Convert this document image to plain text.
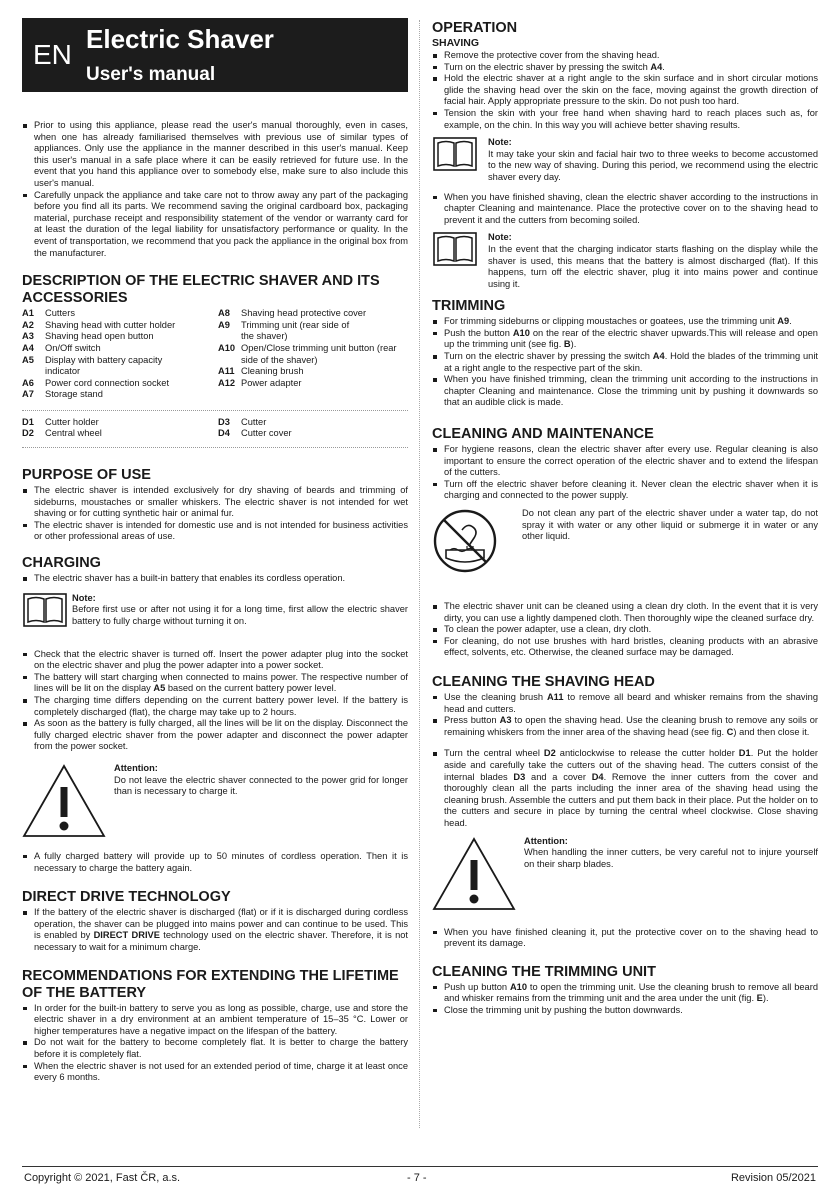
EN Electric Shaver
User's manual
Prior to using this appliance, please read the user's manual thoroughly, even in cases, when one has already familiarised themselves with previous use of similar types of appliances. Only use the appliance in the manner described in this user's manual. Keep this user's manual in a safe place where it can be easily retrieved for future use. In the event that you hand this appliance over to somebody else, make sure to also include this user's manual.
Carefully unpack the appliance and take care not to throw away any part of the packaging before you find all its parts. We recommend saving the original cardboard box, packaging material, purchase receipt and responsibility statement of the vendor or warranty card for at least the duration of the legal liability for unsatisfactory performance or quality. In the event of transportation, we recommend that you pack the appliance in the original box from the manufacturer.
DESCRIPTION OF THE ELECTRIC SHAVER AND ITS ACCESSORIES
A1	Cutters
A2	Shaving head with cutter holder
A3	Shaving head open button
A4	On/Off switch
A5	Display with battery capacity indicator
A6	Power cord connection socket
A7	Storage stand
A8	Shaving head protective cover
A9	Trimming unit (rear side of the shaver)
A10 Open/Close trimming unit button (rear side of the shaver)
A11 Cleaning brush
A12 Power adapter
D1	Cutter holder
D2	Central wheel
D3	Cutter
D4	Cutter cover
PURPOSE OF USE
The electric shaver is intended exclusively for dry shaving of beards and trimming of sideburns, moustaches or smaller whiskers. The electric shaver is not intended for wet shaving or for cutting synthetic hair or animal fur.
The electric shaver is intended for domestic use and is not intended for business activities or other professional areas of use.
CHARGING
The electric shaver has a built-in battery that enables its cordless operation.
Note:
Before first use or after not using it for a long time, first allow the electric shaver battery to fully charge without turning it on.
Check that the electric shaver is turned off. Insert the power adapter plug into the socket on the electric shaver and plug the power adapter into a power socket.
The battery will start charging when connected to mains power. The respective number of lines will be lit on the display A5 based on the current battery power level.
The charging time differs depending on the current battery power level. If the battery is completely discharged (flat), the charge may take up to 2 hours.
As soon as the battery is fully charged, all the lines will be lit on the display. Disconnect the fully charged electric shaver from the power adapter and disconnect the power adapter from the power socket.
Attention:
Do not leave the electric shaver connected to the power grid for longer than is necessary to charge it.
A fully charged battery will provide up to 50 minutes of cordless operation. Then it is necessary to charge the battery again.
DIRECT DRIVE TECHNOLOGY
If the battery of the electric shaver is discharged (flat) or if it is discharged during cordless operation, the shaver can be plugged into mains power and can continue to be used. This is enabled by DIRECT DRIVE technology used on the electric shaver. Therefore, it is not necessary to wait for a minimum charge.
RECOMMENDATIONS FOR EXTENDING THE LIFETIME OF THE BATTERY
In order for the built-in battery to serve you as long as possible, charge, use and store the electric shaver in a dry environment at an ambient temperature of 15–35 °C. Lower or higher temperatures have a negative impact on the lifespan of the battery.
Do not wait for the battery to become completely flat. It is better to charge the battery before it is completely flat.
When the electric shaver is not used for an extended period of time, charge it at least once every 6 months.
OPERATION
SHAVING
Remove the protective cover from the shaving head.
Turn on the electric shaver by pressing the switch A4.
Hold the electric shaver at a right angle to the skin surface and in short circular motions glide the shaving head over the skin on the face, moving against the growth direction of facial hair. Apply appropriate pressure to the skin. Do not push too hard.
Tension the skin with your free hand when shaving hard to reach places such as, for example, on the chin. In this way you will achieve better shaving results.
Note:
It may take your skin and facial hair two to three weeks to become accustomed to the new way of shaving. During this period, we recommend using the electric shaver every day.
When you have finished shaving, clean the electric shaver according to the instructions in chapter Cleaning and maintenance. Place the protective cover on to the shaving head to prevent it and the cutters from becoming soiled.
Note:
In the event that the charging indicator starts flashing on the display while the shaver is used, this means that the battery is almost discharged (flat). If this happens, turn off the electric shaver, plug it into mains power and continue using it.
TRIMMING
For trimming sideburns or clipping moustaches or goatees, use the trimming unit A9.
Push the button A10 on the rear of the electric shaver upwards.This will release and open up the trimming unit (see fig. B).
Turn on the electric shaver by pressing the switch A4. Hold the blades of the trimming unit at a right angle to the respective part of the skin.
When you have finished trimming, clean the trimming unit according to the instructions in chapter Cleaning and maintenance. Close the trimming unit by pushing it downwards so that an audible click is made.
CLEANING AND MAINTENANCE
For hygiene reasons, clean the electric shaver after every use. Regular cleaning is also important to ensure the correct operation of the electric shaver and to extend the lifespan of the cutters.
Turn off the electric shaver before cleaning it. Never clean the electric shaver when it is charging and connected to the power supply.
Do not clean any part of the electric shaver under a water tap, do not spray it with water or any other liquid or submerge it in water or any other liquid.
The electric shaver unit can be cleaned using a clean dry cloth. In the event that it is very dirty, you can use a lightly dampened cloth. Then thoroughly wipe the cleaned surface dry.
To clean the power adapter, use a clean, dry cloth.
For cleaning, do not use brushes with hard bristles, cleaning products with an abrasive effect, solvents, etc. Otherwise, the cleaned surface may be damaged.
CLEANING THE SHAVING HEAD
Use the cleaning brush A11 to remove all beard and whisker remains from the shaving head and cutters.
Press button A3 to open the shaving head. Use the cleaning brush to remove any soils or remaining whiskers from the inner area of the shaving head (see fig. C) and then close it.
Turn the central wheel D2 anticlockwise to release the cutter holder D1. Put the holder aside and carefully take the cutters out of the shaving head. The cutters consist of the internal blades D3 and a cover D4. Remove the inner cutters from the cover and thoroughly clean all the parts including the inner area of the shaving head using the cleaning brush. Assemble the cutters and put them back in their place. Put the holder on to the cutters and secure in place by turning the central wheel clockwise. Close shaving head.
Attention:
When handling the inner cutters, be very careful not to injure yourself on their sharp blades.
When you have finished cleaning it, put the protective cover on to the shaving head to prevent its damage.
CLEANING THE TRIMMING UNIT
Push up button A10 to open the trimming unit. Use the cleaning brush to remove all beard and whisker remains from the trimming unit and the area under the unit (fig. E).
Close the trimming unit by pushing the button downwards.
Copyright © 2021, Fast ČR, a.s.	- 7 -	Revision 05/2021
